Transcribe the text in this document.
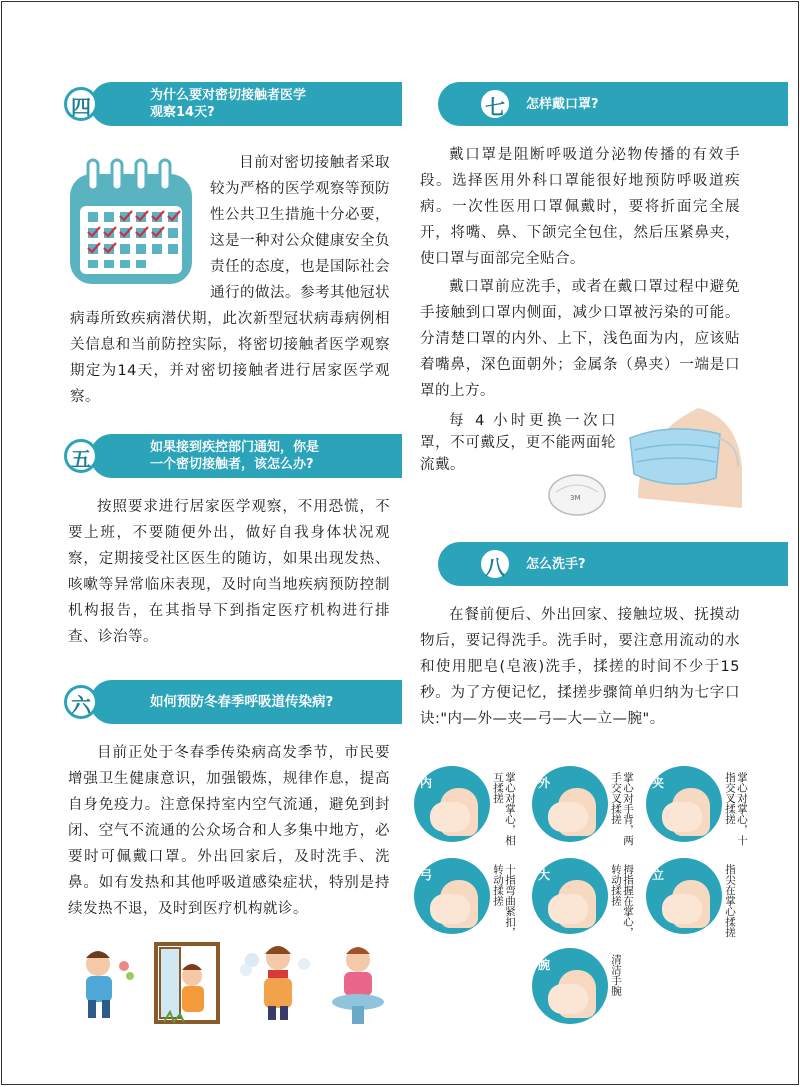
四	为什么要对密切接触者医学
观察14天?

目前对密切接触者采取较为严格的医学观察等预防性公共卫生措施十分必要，这是一种对公众健康安全负责任的态度，也是国际社会通行的做法。参考其他冠状病毒所致疾病潜伏期，此次新型冠状病毒病例相关信息和当前防控实际，将密切接触者医学观察期定为14天，并对密切接触者进行居家医学观察。

五	如果接到疾控部门通知，你是
一个密切接触者，该怎么办?

按照要求进行居家医学观察，不用恐慌，不要上班，不要随便外出，做好自我身体状况观察，定期接受社区医生的随访，如果出现发热、咳嗽等异常临床表现，及时向当地疾病预防控制机构报告，在其指导下到指定医疗机构进行排查、诊治等。

六	如何预防冬春季呼吸道传染病?

目前正处于冬春季传染病高发季节，市民要增强卫生健康意识，加强锻炼，规律作息，提高自身免疫力。注意保持室内空气流通，避免到封闭、空气不流通的公众场合和人多集中地方，必要时可佩戴口罩。外出回家后，及时洗手、洗鼻。如有发热和其他呼吸道感染症状，特别是持续发热不退，及时到医疗机构就诊。

七	怎样戴口罩?

戴口罩是阻断呼吸道分泌物传播的有效手段。选择医用外科口罩能很好地预防呼吸道疾病。一次性医用口罩佩戴时，要将折面完全展开，将嘴、鼻、下颌完全包住，然后压紧鼻夹，使口罩与面部完全贴合。

戴口罩前应洗手，或者在戴口罩过程中避免手接触到口罩内侧面，减少口罩被污染的可能。分清楚口罩的内外、上下，浅色面为内，应该贴着嘴鼻，深色面朝外；金属条（鼻夹）一端是口罩的上方。

每 4 小时更换一次口罩，不可戴反，更不能两面轮流戴。

3M
八	怎么洗手?

在餐前便后、外出回家、接触垃圾、抚摸动物后，要记得洗手。洗手时，要注意用流动的水和使用肥皂(皂液)洗手，揉搓的时间不少于15秒。为了方便记忆，揉搓步骤简单归纳为七字口诀:"内—外—夹—弓—大—立—腕"。

内	掌心对掌心，相互揉搓	外	掌心对手背，两手交叉揉搓	夹	掌心对掌心，十指交叉揉搓
弓	十指弯曲紧扣，转动揉搓	大	拇指握在掌心，转动揉搓	立	指尖在掌心揉搓
腕	清洁手腕
